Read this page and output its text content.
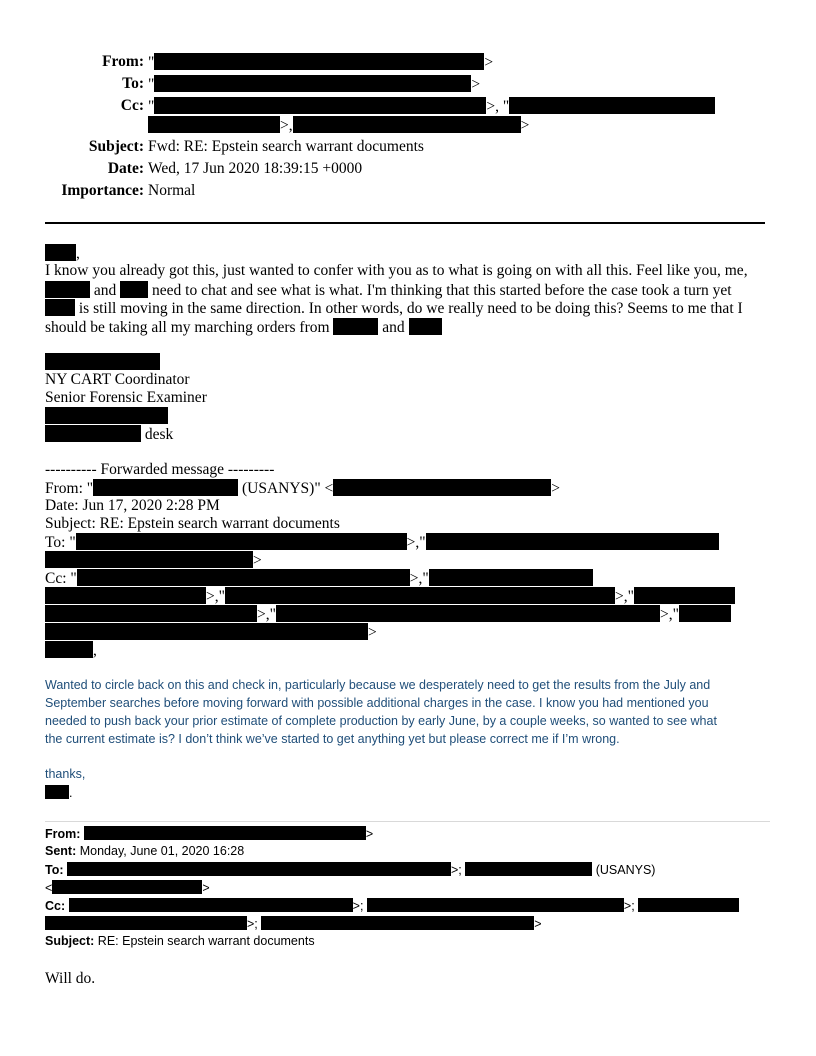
From: "	>
To: "	>
Cc: "	>, "
>,	>
Subject: Fwd: RE: Epstein search warrant documents
Date: Wed, 17 Jun 2020 18:39:15 +0000
Importance: Normal
,
I know you already got this, just wanted to confer with you as to what is going on with all this. Feel like you, me,
and need to chat and see what is what. I'm thinking that this started before the case took a turn yet
is still moving in the same direction. In other words, do we really need to be doing this? Seems to me that I
should be taking all my marching orders from	and
NY CART Coordinator
Senior Forensic Examiner
desk
---------- Forwarded message ---------
From: "	(USANYS)" <	>
Date: Jun 17, 2020 2:28 PM
Subject: RE: Epstein search warrant documents
To: "	>,"
>
Cc: "	>,"
>,"	>,"
>,"	>,"
>
,
Wanted to circle back on this and check in, particularly because we desperately need to get the results from the July and
September searches before moving forward with possible additional charges in the case. I know you had mentioned you
needed to push back your prior estimate of complete production by early June, by a couple weeks, so wanted to see what
the current estimate is? I don’t think we’ve started to get anything yet but please correct me if I’m wrong.
thanks,
.
From:	>
Sent: Monday, June 01, 2020 16:28
To:	>;	(USANYS)
<	>
Cc:	>;	>;
>;	>
Subject: RE: Epstein search warrant documents
Will do.
